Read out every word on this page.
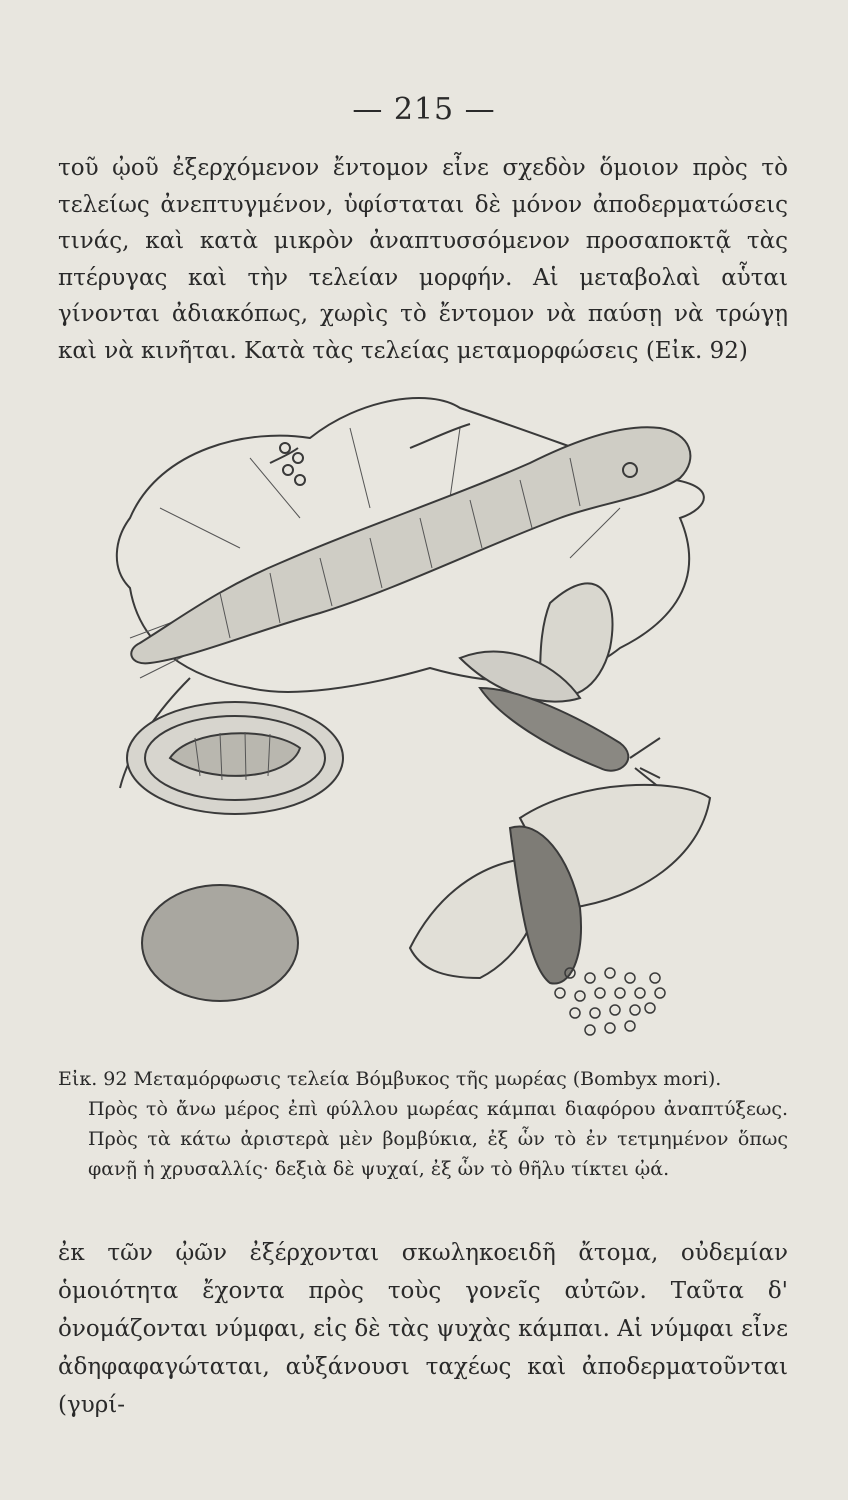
— 215 —
τοῦ ᾠοῦ ἐξερχόμενον ἔντομον εἶνε σχεδὸν ὅμοιον πρὸς τὸ τελείως ἀνεπτυγμένον, ὑφίσταται δὲ μόνον ἀποδερματώσεις τινάς, καὶ κατὰ μικρὸν ἀναπτυσσόμενον προσαποκτᾷ τὰς πτέρυγας καὶ τὴν τελείαν μορφήν. Αἱ μεταβολαὶ αὗται γίνονται ἀδιακόπως, χωρὶς τὸ ἔντομον νὰ παύσῃ νὰ τρώγῃ καὶ νὰ κινῆται. Κατὰ τὰς τελείας μεταμορφώσεις (Εἰκ. 92)
Εἰκ. 92 Μεταμόρφωσις τελεία Βόμβυκος τῆς μωρέας (Bombyx mori).
Πρὸς τὸ ἄνω μέρος ἐπὶ φύλλου μωρέας κάμπαι διαφόρου ἀναπτύξεως. Πρὸς τὰ κάτω ἀριστερὰ μὲν βομβύκια, ἐξ ὧν τὸ ἐν τετμημένον ὅπως φανῇ ἡ χρυσαλλίς· δεξιὰ δὲ ψυχαί, ἐξ ὧν τὸ θῆλυ τίκτει ᾠά.
ἐκ τῶν ᾠῶν ἐξέρχονται σκωληκοειδῆ ἄτομα, οὐδεμίαν ὁμοιότητα ἔχοντα πρὸς τοὺς γονεῖς αὐτῶν. Ταῦτα δ' ὀνομάζονται νύμφαι, εἰς δὲ τὰς ψυχὰς κάμπαι. Αἱ νύμφαι εἶνε ἀδηφαφαγώταται, αὐξάνουσι ταχέως καὶ ἀποδερματοῦνται (γυρί-
